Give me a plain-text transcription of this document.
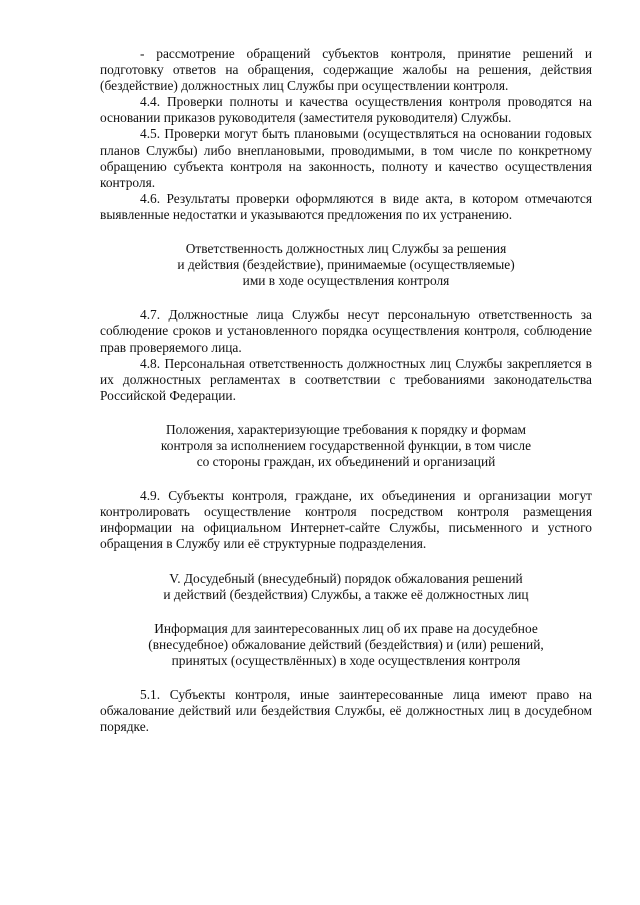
- рассмотрение обращений субъектов контроля, принятие решений и подготовку ответов на обращения, содержащие жалобы на решения, действия (бездействие) должностных лиц Службы при осуществлении контроля.

4.4. Проверки полноты и качества осуществления контроля проводятся на основании приказов руководителя (заместителя руководителя) Службы.

4.5. Проверки могут быть плановыми (осуществляться на основании годовых планов Службы) либо внеплановыми, проводимыми, в том числе по конкретному обращению субъекта контроля на законность, полноту и качество осуществления контроля.

4.6. Результаты проверки оформляются в виде акта, в котором отмечаются выявленные недостатки и указываются предложения по их устранению.

Ответственность должностных лиц Службы за решения
и действия (бездействие), принимаемые (осуществляемые)
ими в ходе осуществления контроля

4.7. Должностные лица Службы несут персональную ответственность за соблюдение сроков и установленного порядка осуществления контроля, соблюдение прав проверяемого лица.

4.8. Персональная ответственность должностных лиц Службы закрепляется в их должностных регламентах в соответствии с требованиями законодательства Российской Федерации.

Положения, характеризующие требования к порядку и формам
контроля за исполнением государственной функции, в том числе
со стороны граждан, их объединений и организаций

4.9. Субъекты контроля, граждане, их объединения и организации могут контролировать осуществление контроля посредством контроля размещения информации на официальном Интернет-сайте Службы, письменного и устного обращения в Службу или её структурные подразделения.

V. Досудебный (внесудебный) порядок обжалования решений
и действий (бездействия) Службы, а также её должностных лиц
Информация для заинтересованных лиц об их праве на досудебное
(внесудебное) обжалование действий (бездействия) и (или) решений,
принятых (осуществлённых) в ходе осуществления контроля

5.1. Субъекты контроля, иные заинтересованные лица имеют право на обжалование действий или бездействия Службы, её должностных лиц в досудебном порядке.
